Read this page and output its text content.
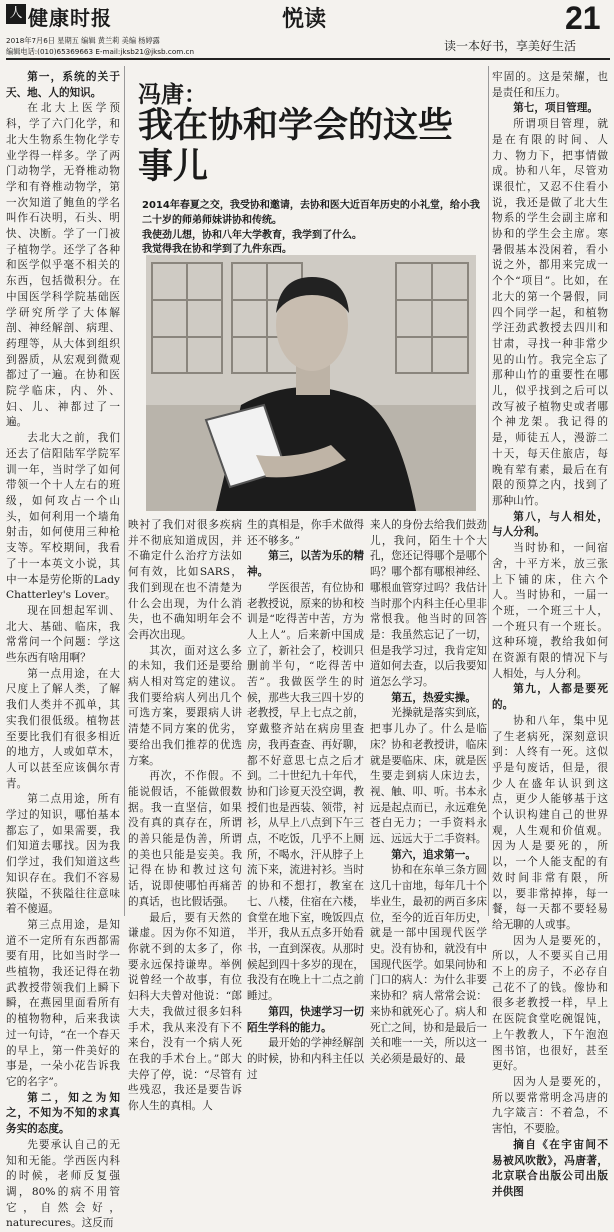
人 健康时报	悦读	21
2018年7月6日 星期五 编辑 黄兰莉 美编 杨婷露
编辑电话:(010)65369663 E-mail:jksb21@jksb.com.cn	读一本好书，享美好生活

第一，系统的关于天、地、人的知识。

在北大上医学预科，学了六门化学，和北大生物系生物化学专业学得一样多。学了两门动物学，无脊椎动物学和有脊椎动物学，第一次知道了鲍鱼的学名叫作石决明，石头、明快、决断。学了一门被子植物学。还学了各种和医学似乎毫不相关的东西，包括微积分。在中国医学科学院基础医学研究所学了大体解剖、神经解剖、病理、药理等，从大体到组织到器质，从宏观到微观都过了一遍。在协和医院学临床，内、外、妇、儿、神都过了一遍。

去北大之前，我们还去了信阳陆军学院军训一年，当时学了如何带领一个十人左右的班级，如何攻占一个山头，如何利用一个墙角射击，如何使用三种枪支等。军校期间，我看了十一本英文小说，其中一本是劳伦斯的Lady Chatterley's Lover。

现在回想起军训、北大、基础、临床，我常常问一个问题：学这些东西有啥用啊？

第一点用途，在大尺度上了解人类，了解我们人类并不孤单，其实我们很低级。植物甚至要比我们有很多相近的地方，人或如草木，人可以甚至应该偶尔青青。

第二点用途，所有学过的知识，哪怕基本都忘了，如果需要，我们知道去哪找。因为我们学过，我们知道这些知识存在。我们不容易狭隘，不狭隘往往意味着不傻逼。

第三点用途，是知道不一定所有东西都需要有用，比如当时学一些植物，我还记得在勃武教授带领我们上瞬下瞬，在燕园里面看所有的植物物种，后来我读过一句诗，“在一个春天的早上，第一件美好的事是，一朵小花告诉我它的名字”。

第二，知之为知之，不知为不知的求真务实的态度。

先要承认自己的无知和无能。学西医内科的时候，老师反复强调，80%的病不用管它，自然会好，naturecures。这反而

冯唐：
我在协和学会的这些事儿

2014年春夏之交，我受协和邀请，去协和医大近百年历史的小礼堂，给小我二十岁的师弟师妹讲协和传统。

我使劲儿想，协和八年大学教育，我学到了什么。

我觉得我在协和学到了九件东西。

映衬了我们对很多疾病并不彻底知道成因，并不确定什么治疗方法如何有效，比如SARS，我们到现在也不清楚为什么会出现，为什么消失，也不确知明年会不会再次出现。

其次，面对这么多的未知，我们还是要给病人相对笃定的建议。我们要给病人列出几个可选方案，要跟病人讲清楚不同方案的优劣，要给出我们推荐的优选方案。

再次，不作假。不能说假话，不能做假数据。我一直坚信，如果没有真的真存在，所谓的善只能是伪善，所谓的美也只能是妄美。我记得在协和教过这句话，说即使哪怕再痛苦的真话，也比假话强。

最后，要有天然的谦虚。因为你不知道，你就不到的太多了，你要永远保持谦卑。举例说曾经一个故事，有位妇科大夫曾对他说：“郎大夫，我做过很多妇科手术，我从来没有下不来台，没有一个病人死在我的手术台上。”郎大夫停了停，说：“尽管有些残忍，我还是要告诉你人生的真相。人

生的真相是，你手术做得还不够多。”

第三，以苦为乐的精神。

学医很苦，有位协和老教授说，原来的协和校训是“吃得苦中苦，方为人上人”。后来新中国成立了，新社会了，校训只删前半句，“吃得苦中苦”。我做医学生的时候，那些大我三四十岁的老教授，早上七点之前，穿戴整齐站在病房里查房，我再查查、再好聊，都不好意思七点之后才到。二十世纪九十年代，协和门诊夏天没空调，教授们也是西装、领带，衬衫，从早上八点到下午三点，不吃饭，几乎不上厕所，不喝水，汗从脖子上流下来，流进衬衫。当时的协和不想打，教室在七、八楼，住宿在六楼，食堂在地下室，晚饭四点半开，我从五点多开始看书，一直到深夜。从那时候起到四十多岁的现在，我没有在晚上十二点之前睡过。

第四，快速学习一切陌生学科的能力。

最开始的学神经解剖的时候，协和内科主任以过

来人的身份去给我们鼓劲儿，我问，陌生十个大孔，您还记得哪个是哪个吗？哪个都有哪根神经、哪根血管穿过吗？我估计当时那个内科主任心里非常恨我。他当时的回答是：我虽然忘记了一切，但是我学习过，我肯定知道如何去查，以后我要知道怎么学习。

第五，热爱实操。

光操就是落实到底，把事儿办了。什么是临床？协和老教授讲，临床就是要临床、床，就是医生要走到病人床边去，视、触、叩、听。书本永远是起点而已，永远难免苍白无力；一手资料永远、远远大于二手资料。

第六，追求第一。

协和在东单三条方圆这几十亩地，每年几十个毕业生，最初的两百多床位，至今的近百年历史，就是一部中国现代医学史。没有协和，就没有中国现代医学。如果问协和门口的病人：为什么非要来协和？病人常常会说：来协和就死心了。病人和死亡之间，协和是最后一关和唯一一关，所以这一关必须是最好的、最

牢固的。这是荣耀，也是责任和压力。

第七，项目管理。

所谓项目管理，就是在有限的时间、人力、物力下，把事情做成。协和八年，尽管劝课很忙，又忍不住看小说，我还是做了北大生物系的学生会副主席和协和的学生会主席。寒暑假基本没闲着，看小说之外，都用来完成一个个“项目”。比如，在北大的第一个暑假，同四个同学一起，和植物学汪劲武教授去四川和甘肃，寻找一种非常少见的山竹。我完全忘了那种山竹的重要性在哪儿，似乎找到之后可以改写被子植物史或者哪个神龙架。我记得的是，师徒五人，漫游二十天，每天住旅店，每晚有荤有素，最后在有限的预算之内，找到了那种山竹。

第八，与人相处，与人分利。

当时协和，一间宿舍，十平方米，放三张上下铺的床，住六个人。当时协和，一届一个班，一个班三十人，一个班只有一个班长。这种环境，教给我如何在资源有限的情况下与人相处，与人分利。

第九，人都是要死的。

协和八年，集中见了生老病死，深刻意识到：人终有一死。这似乎是句废话，但是，很少人在盛年认识到这点，更少人能够基于这个认识构建自己的世界观，人生观和价值观。因为人是要死的，所以，一个人能支配的有效时间非常有限，所以，要非常掉捧，每一餐，每一天都不要轻易给无聊的人或事。

因为人是要死的，所以，人不要买自己用不上的房子，不必存自己花不了的钱。像协和很多老教授一样，早上在医院食堂吃碗馄饨，上午教教人，下午泡泡图书馆，也很好，甚至更好。

因为人是要死的，所以要常常明念冯唐的九字箴言：不着急，不害怕，不要脸。

摘自《在宇宙间不易被风吹散》，冯唐著，北京联合出版公司出版并供图
